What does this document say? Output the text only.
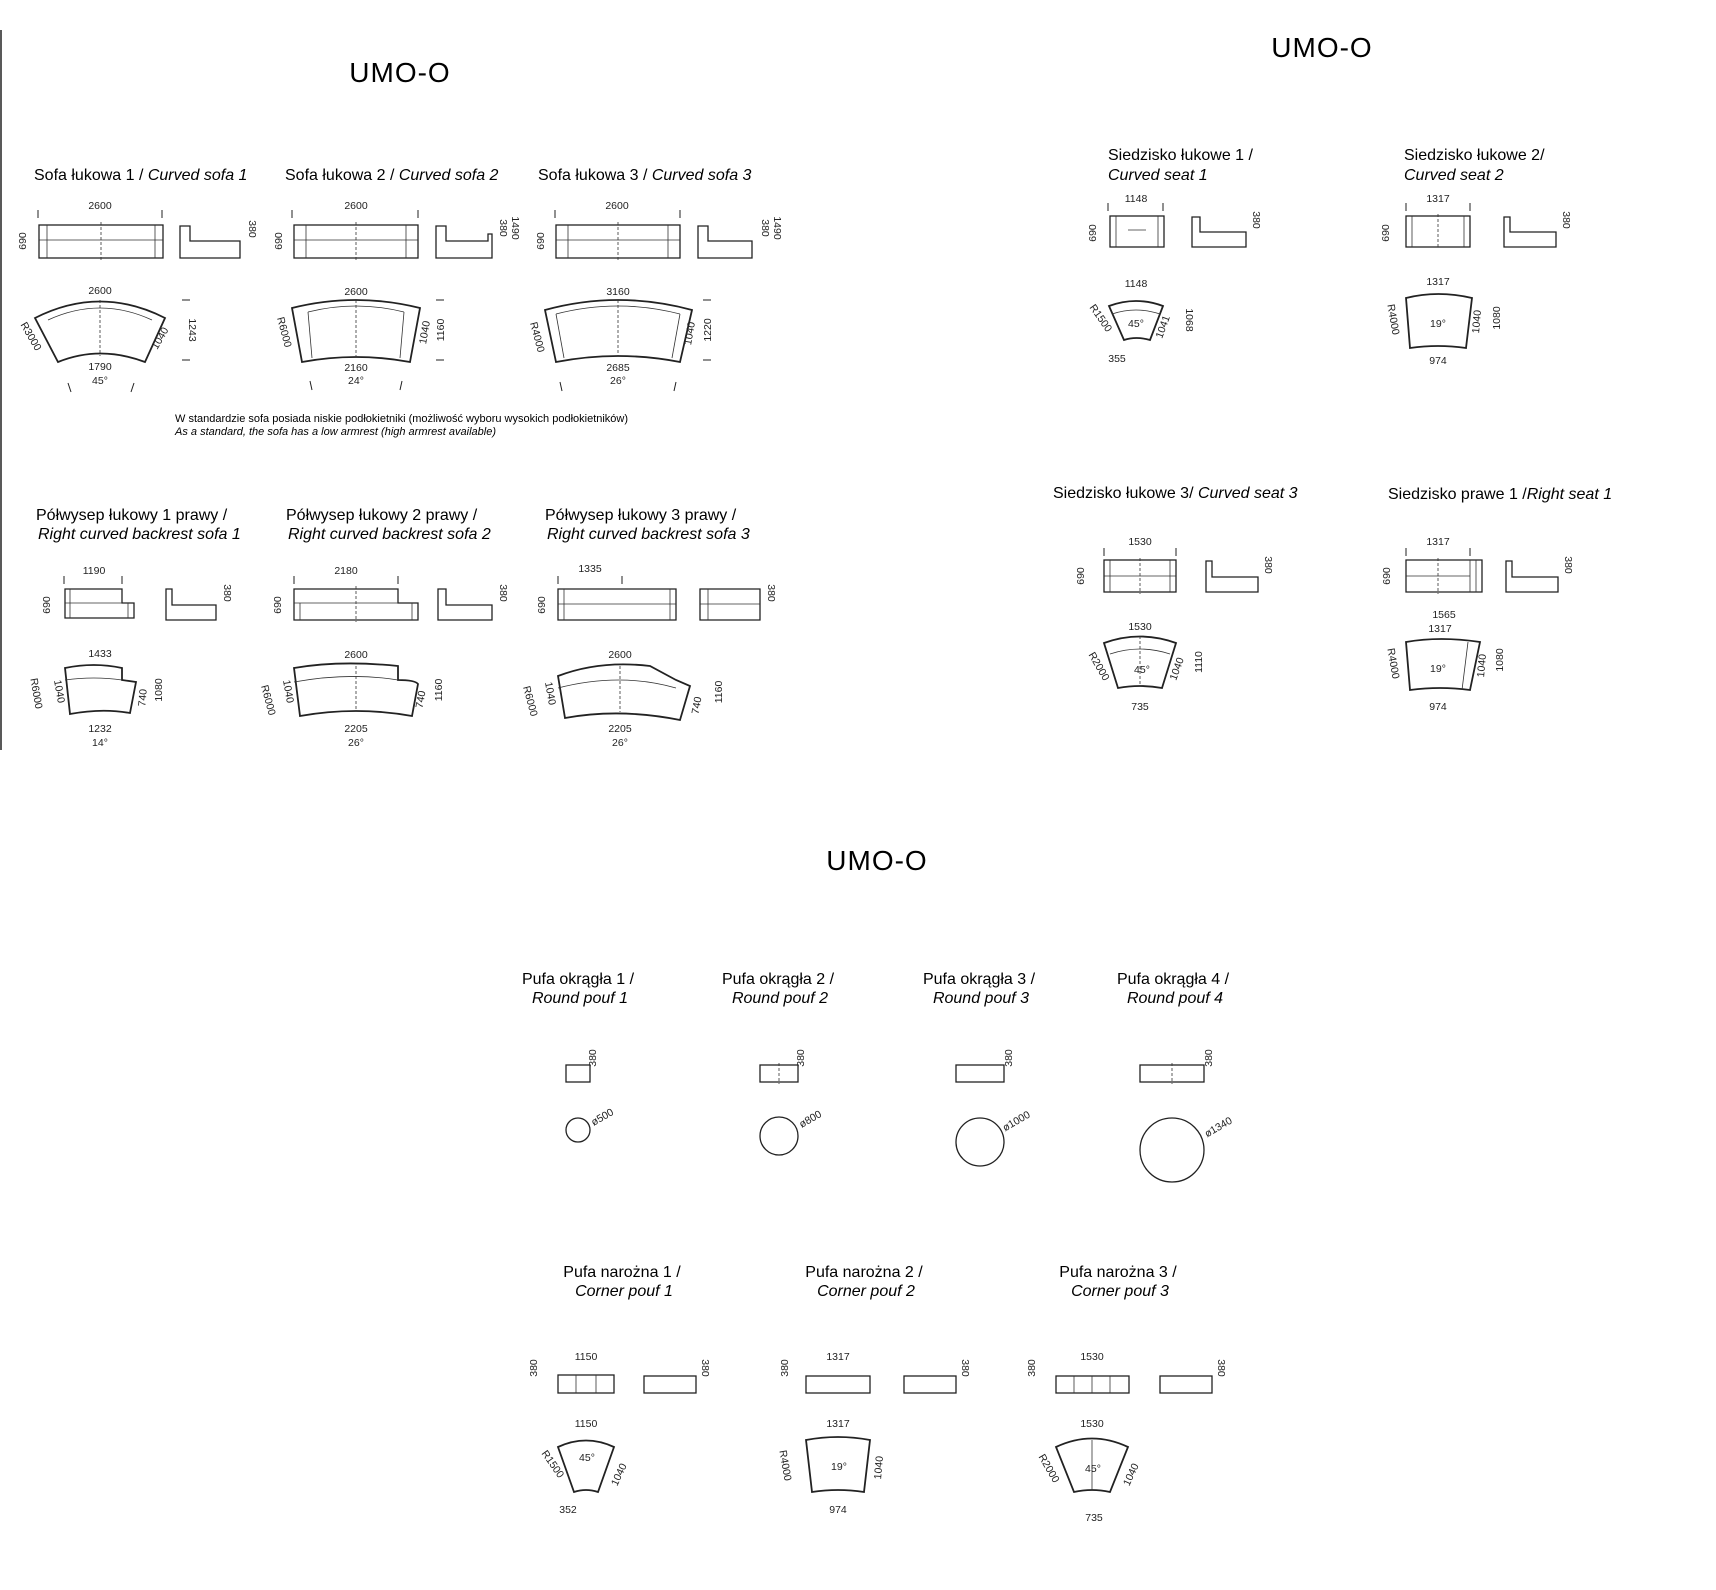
UMO-O
UMO-O
UMO-O
Sofa łukowa 1 / Curved sofa 1
2600
690
380
2600
R3000	1040 1243
1790
45°
Sofa łukowa 2 / Curved sofa 2
2600
690
380 1490
2600
R6000	1040 1160
2160
24°
Sofa łukowa 3 / Curved sofa 3
2600
690
380 1490
3160
R4000	1040 1220
2685
26°
W standardzie sofa posiada niskie podłokietniki (możliwość wyboru wysokich podłokietników)
As a standard, the sofa has a low armrest (high armrest available)
Półwysep łukowy 1 prawy /
Right curved backrest sofa 1
1190
690
380
1433
R6000 1040	740 1080
1232
14°
Półwysep łukowy 2 prawy /
Right curved backrest sofa 2
2180
690
380
2600
R6000 1040	740 1160
2205
26°
Półwysep łukowy 3 prawy /
Right curved backrest sofa 3
1335
690
380
2600
R6000 1040	740
1160
2205
26°
Siedzisko łukowe 1 /
Curved seat 1
1148
690
380
1148
45°
R1500	1041 1068
355
Siedzisko łukowe 2/
Curved seat 2
1317
690
380
1317
19°
R4000	1040 1080
974
Siedzisko łukowe 3/ Curved seat 3
1530
690
380
1530
45°
R2000	1040 1110
735
Siedzisko prawe 1 /Right seat 1
1317
690
380
1565
1317
19°
R4000	1040 1080
974
Pufa okrągła 1 /
Round pouf 1
380
ø500
Pufa okrągła 2 /
Round pouf 2
380
ø800
Pufa okrągła 3 /
Round pouf 3
380
ø1000
Pufa okrągła 4 /
Round pouf 4
380
ø1340
Pufa narożna 1 /
Corner pouf 1
380
1150
380
1150
45°
R1500	1040
352
Pufa narożna 2 /
Corner pouf 2
380
1317
380
1317
19°
R4000	1040
974
Pufa narożna 3 /
Corner pouf 3
380
1530
380
1530
45°
R2000	1040
735
